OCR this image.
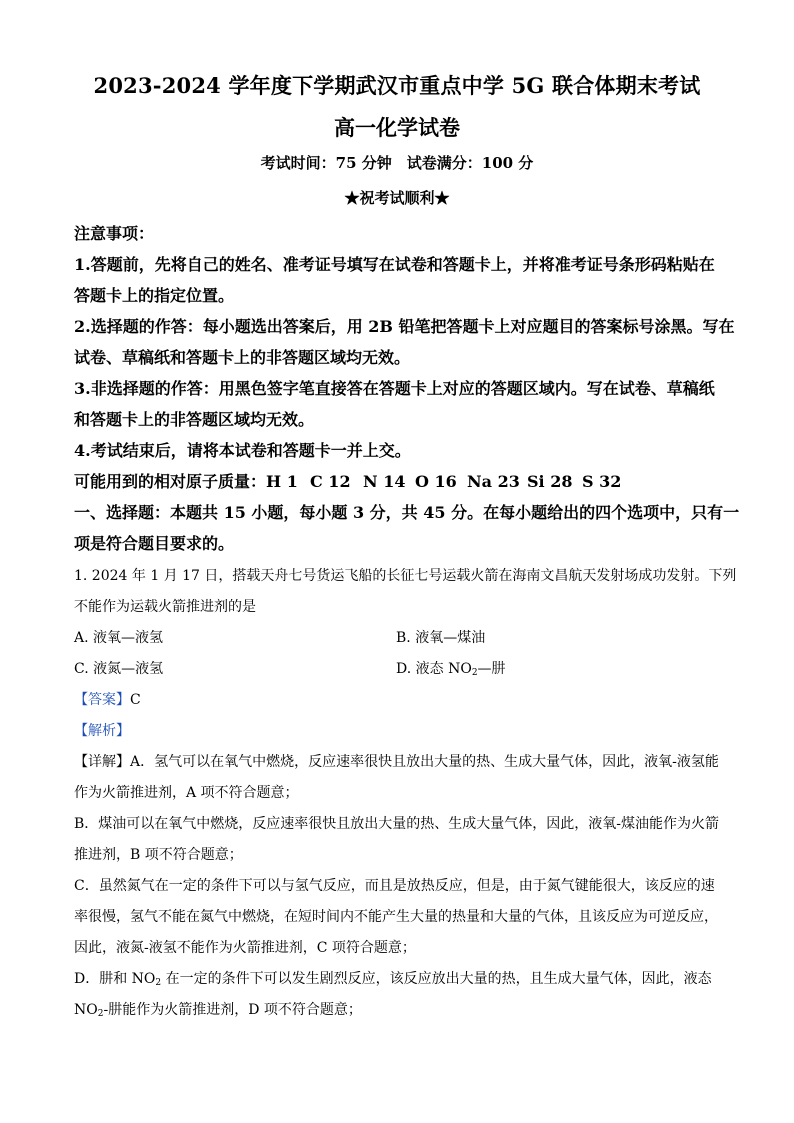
2023-2024 学年度下学期武汉市重点中学 5G 联合体期末考试
高一化学试卷
考试时间：75 分钟　试卷满分：100 分
★祝考试顺利★
注意事项：
1.答题前，先将自己的姓名、准考证号填写在试卷和答题卡上，并将准考证号条形码粘贴在
答题卡上的指定位置。
2.选择题的作答：每小题选出答案后，用 2B 铅笔把答题卡上对应题目的答案标号涂黑。写在
试卷、草稿纸和答题卡上的非答题区域均无效。
3.非选择题的作答：用黑色签字笔直接答在答题卡上对应的答题区域内。写在试卷、草稿纸
和答题卡上的非答题区域均无效。
4.考试结束后，请将本试卷和答题卡一并上交。
可能用到的相对原子质量： H 1 C 12 N 14 O 16 Na 23 Si 28 S 32
一、选择题：本题共 15 小题，每小题 3 分，共 45 分。在每小题给出的四个选项中，只有一
项是符合题目要求的。
1. 2024 年 1 月 17 日，搭载天舟七号货运飞船的长征七号运载火箭在海南文昌航天发射场成功发射。下列
不能作为运载火箭推进剂的是
A. 液氧—液氢	B. 液氧—煤油
C. 液氮—液氢	D. 液态 $NO_2—$肼
【答案】C
【解析】
【详解】A．氢气可以在氧气中燃烧，反应速率很快且放出大量的热、生成大量气体，因此，液氧-液氢能
作为火箭推进剂，A 项不符合题意；
B．煤油可以在氧气中燃烧，反应速率很快且放出大量的热、生成大量气体，因此，液氧-煤油能作为火箭
推进剂，B 项不符合题意；
C．虽然氮气在一定的条件下可以与氢气反应，而且是放热反应，但是，由于氮气键能很大，该反应的速
率很慢，氢气不能在氮气中燃烧，在短时间内不能产生大量的热量和大量的气体，且该反应为可逆反应，
因此，液氮-液氢不能作为火箭推进剂，C 项符合题意；
D．肼和 $NO_2$ 在一定的条件下可以发生剧烈反应，该反应放出大量的热，且生成大量气体，因此，液态
$NO_2-$肼能作为火箭推进剂，D 项不符合题意；
